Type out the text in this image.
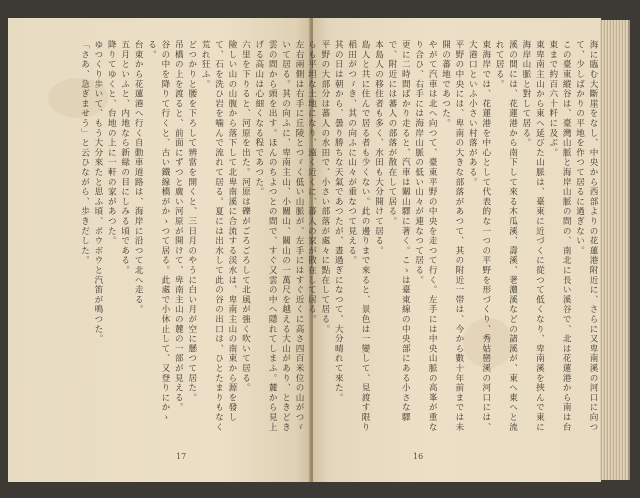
左右兩側は右手に丘陵とつゞく低い山脈が、左手にはすぐ近くに高さ四百米位の山がつゞいて居る。其の向ふに、卑南主山、小關山、關山の一萬尺を越える大山があり、ときどき雲の間から頭を出す。ほんのちよつとの間で、すぐ又雲の中へ隱れてしまふ。麓から見上げる高山は心細くなる程であつた。
六里を下りると、河原を出た。河原は礫がごろごろして北風が強く吹いて居る。
險しい山の山腹から落下して北卑南溪に合流する渓水は、卑南主山の南東から源を發して、石を洗ひ岩を噛んで流れて居る。夏には出水して此の谷の出口は、ひとたまりもなく荒れ狂ふ。
どつかりと腰を下ろして辨當を開くと、三日月のやうに白い月が空に懸つて居た。
吊橋の上を渡ると、前面にずつと廣い河原が開けて、卑南主山の麓の一部が見える。
谷の中を降りて行くと、古い鐵線橋がかゝつて居る。此處で小休止して、又登りにかゝる。
台東から花蓮港へ行く自動車道路は、海岸に沿つて北へ走る。
五月といふと、内地なら新緑の目にしみる頃である。
降りてゆくと、台地の上に一軒の家があつた。
ゆつくり歩いて、もう大分來たと思ふ頃、ボウボウと汽笛が鳴つた。
「さあ、急ぎませう」と云ひながら、歩きだした。
17
海に臨む大斷崖をなし、中央から西部よりの花蓮港附近に、さらに又卑南溪の河口に向つて、少しばかりの平地を作つて居るに過ぎない。
この臺東縱谷は、臺灣山脈と海岸山脈の間の、南北に長い溪谷で、北は花蓮港から南は台東まで約百六十粁に及ぶ。
東卑南主山から東へ延びた山脈は、臺東に近づくに從つて低くなり、卑南溪を挾んで東に海岸山脈と對して居る。
溪の間には、花蓮港から南下して來る木瓜溪、壽溪、荖濃溪などの諸溪が、東へ東へと流れて居る。
東海岸では、花蓮港を中心として代表的な一つの平野を形づくり、秀姑巒溪の河口には、大港口といふ小さい村落がある。
平野の中央には、卑南の大きな部落があつて、其の附近一帯は、今から數十年前までは未開の蕃地であつた。
やがて汽車は北へ向つて、臺東平野の中央を走つて行く。左手には中央山脈の高峯が重なり合ひ、右手には海岸山脈の低い山々が連なつて居る。
更に二時間ばかり走ると、汽車は關山驛に著く。こゝは臺東線の中央部にある小さな驛で、附近には蕃人の部落が散在して居る。
本島人の移住者も多く、水田も大分開けて居る。
島人と共に住んで居る者も少くない。此の邊りまで來ると、景色は一變して、見渡す限り稻田がつゞき、其の向ふに山々が重なつて見える。
其の日は朝から、曇り勝ちな天氣であつたが、晝過ぎになつて、大分晴れて來た。
平野の大部分は蕃人の水田で、小さい部落が處々に點在して居る。
らも平坦な土地になり、遠く近くに、蕃人の家が散在して居る。
16
